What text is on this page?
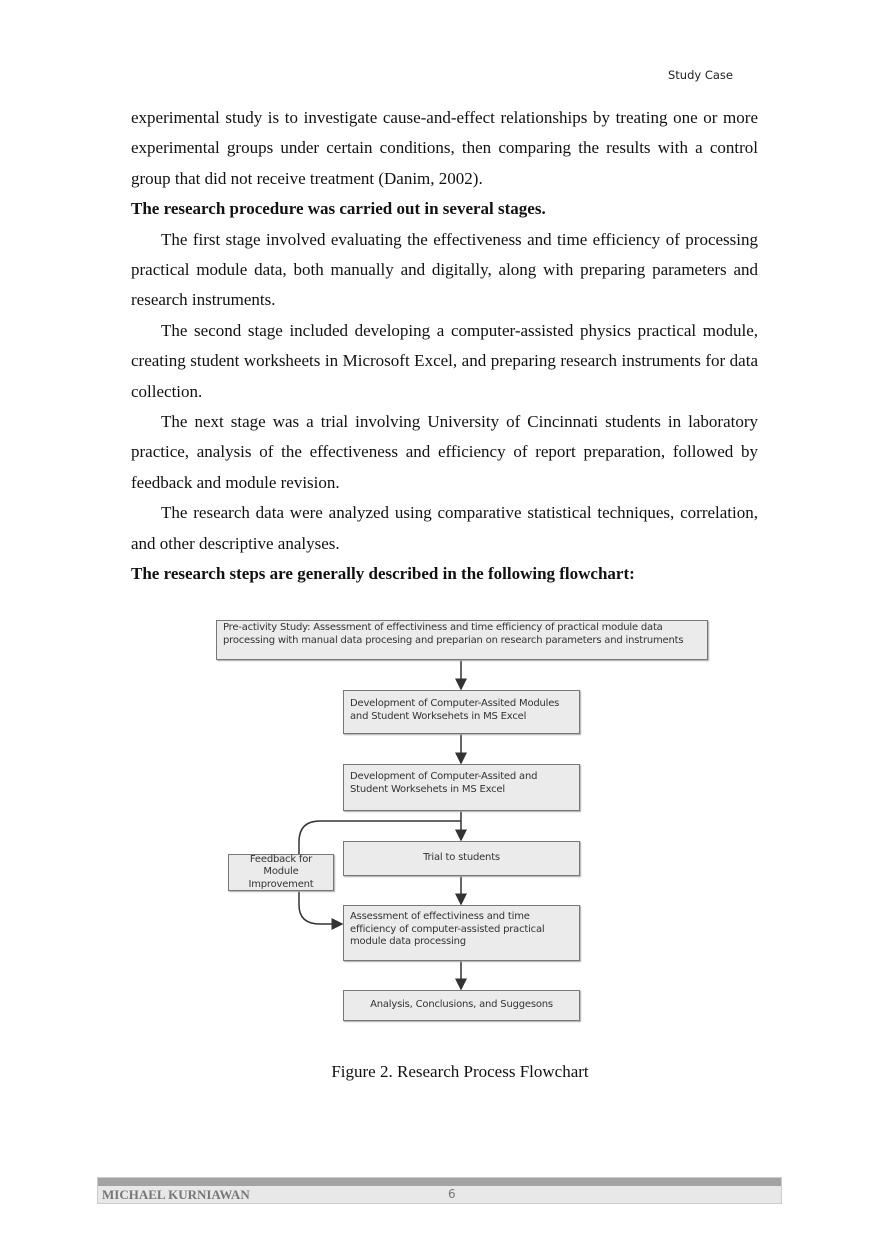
Study Case

experimental study is to investigate cause-and-effect relationships by treating one or more experimental groups under certain conditions, then comparing the results with a control group that did not receive treatment (Danim, 2002).

The research procedure was carried out in several stages.

The first stage involved evaluating the effectiveness and time efficiency of processing practical module data, both manually and digitally, along with preparing parameters and research instruments.

The second stage included developing a computer-assisted physics practical module, creating student worksheets in Microsoft Excel, and preparing research instruments for data collection.

The next stage was a trial involving University of Cincinnati students in laboratory practice, analysis of the effectiveness and efficiency of report preparation, followed by feedback and module revision.

The research data were analyzed using comparative statistical techniques, correlation, and other descriptive analyses.

The research steps are generally described in the following flowchart:

Pre-activity Study: Assessment of effectiviness and time efficiency of practical module data processing with manual data procesing and preparian on research parameters and instruments
Development of Computer-Assited Modules and Student Worksehets in MS Excel
Development of Computer-Assited and Student Worksehets in MS Excel
Trial to students
Feedback for Module Improvement
Assessment of effectiviness and time efficiency of computer-assisted practical module data processing
Analysis, Conclusions, and Suggesons
Figure 2. Research Process Flowchart
MICHAEL KURNIAWAN	6
